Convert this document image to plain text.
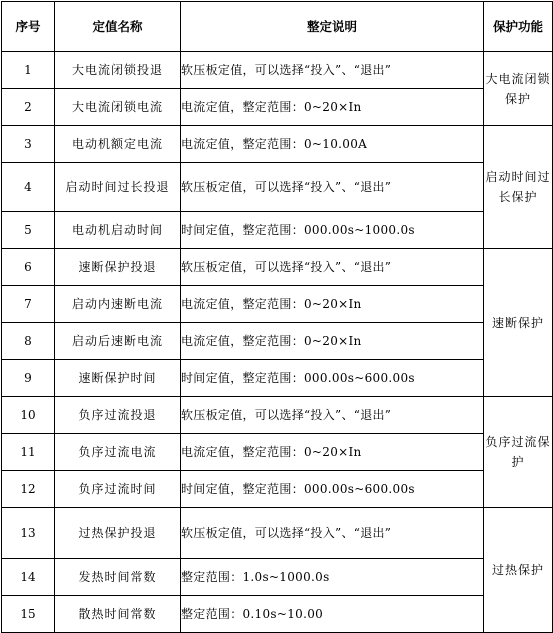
序号	定值名称	整定说明	保护功能
1	大电流闭锁投退	软压板定值，可以选择“投入”、“退出”	大电流闭锁保护
2	大电流闭锁电流	电流定值，整定范围：0~20×In	
3	电动机额定电流	电流定值，整定范围：0~10.00A	启动时间过长保护
4	启动时间过长投退	软压板定值，可以选择“投入”、“退出”	
5	电动机启动时间	时间定值，整定范围：000.00s~1000.0s	
6	速断保护投退	软压板定值，可以选择“投入”、“退出”	速断保护
7	启动内速断电流	电流定值，整定范围：0~20×In	
8	启动后速断电流	电流定值，整定范围：0~20×In	
9	速断保护时间	时间定值，整定范围：000.00s~600.00s	
10	负序过流投退	软压板定值，可以选择“投入”、“退出”	负序过流保护
11	负序过流电流	电流定值，整定范围：0~20×In	
12	负序过流时间	时间定值，整定范围：000.00s~600.00s	
13	过热保护投退	软压板定值，可以选择“投入”、“退出”	过热保护
14	发热时间常数	整定范围：1.0s~1000.0s	
15	散热时间常数	整定范围：0.10s~10.00	
